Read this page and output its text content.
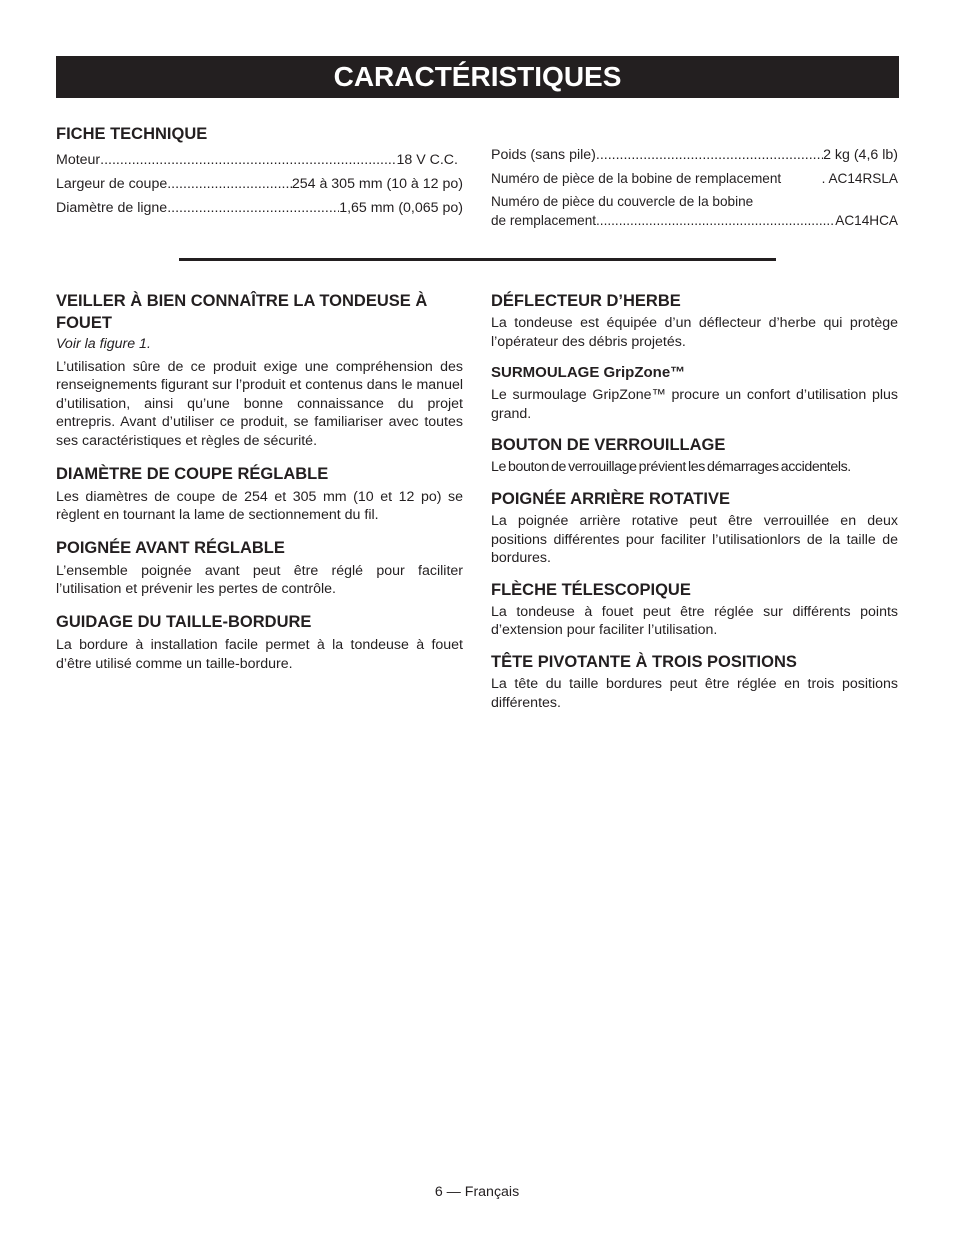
CARACTÉRISTIQUES
FICHE TECHNIQUE
Moteur .....	18 V C.C.
Largeur de coupe .....	254 à 305 mm (10 à 12 po)
Diamètre de ligne .....	1,65 mm (0,065 po)
Poids (sans pile) .....	2 kg (4,6 lb)
Numéro de pièce de la bobine de remplacement	. AC14RSLA
Numéro de pièce du couvercle de la bobine
de remplacement .....	AC14HCA
VEILLER À BIEN CONNAÎTRE LA TONDEUSE À FOUET

Voir la figure 1.

L’utilisation sûre de ce produit exige une compréhension des renseignements figurant sur l’produit et contenus dans le manuel d’utilisation, ainsi qu’une bonne connaissance du projet entrepris. Avant d’utiliser ce produit, se familiariser avec toutes ses caractéristiques et règles de sécurité.

DIAMÈTRE DE COUPE RÉGLABLE

Les diamètres de coupe de 254 et 305 mm (10 et 12 po) se règlent en tournant la lame de sectionnement du fil.

POIGNÉE AVANT RÉGLABLE

L’ensemble poignée avant peut être réglé pour faciliter l’utilisation et prévenir les pertes de contrôle.

GUIDAGE DU TAILLE-BORDURE

La bordure à installation facile permet à la tondeuse à fouet d’être utilisé comme un taille-bordure.

DÉFLECTEUR D’HERBE

La tondeuse est équipée d’un déflecteur d’herbe qui protège l’opérateur des débris projetés.

SURMOULAGE GripZone™

Le surmoulage GripZone™ procure un confort d’utilisation plus grand.

BOUTON DE VERROUILLAGE

Le bouton de verrouillage prévient les démarrages accidentels.

POIGNÉE ARRIÈRE ROTATIVE

La poignée arrière rotative peut être verrouillée en deux positions différentes pour faciliter l’utilisationlors de la taille de bordures.

FLÈCHE TÉLESCOPIQUE

La tondeuse à fouet peut être réglée sur différents points d’extension pour faciliter l’utilisation.

TÊTE PIVOTANTE À TROIS POSITIONS

La tête du taille bordures peut être réglée en trois positions différentes.

6 — Français
